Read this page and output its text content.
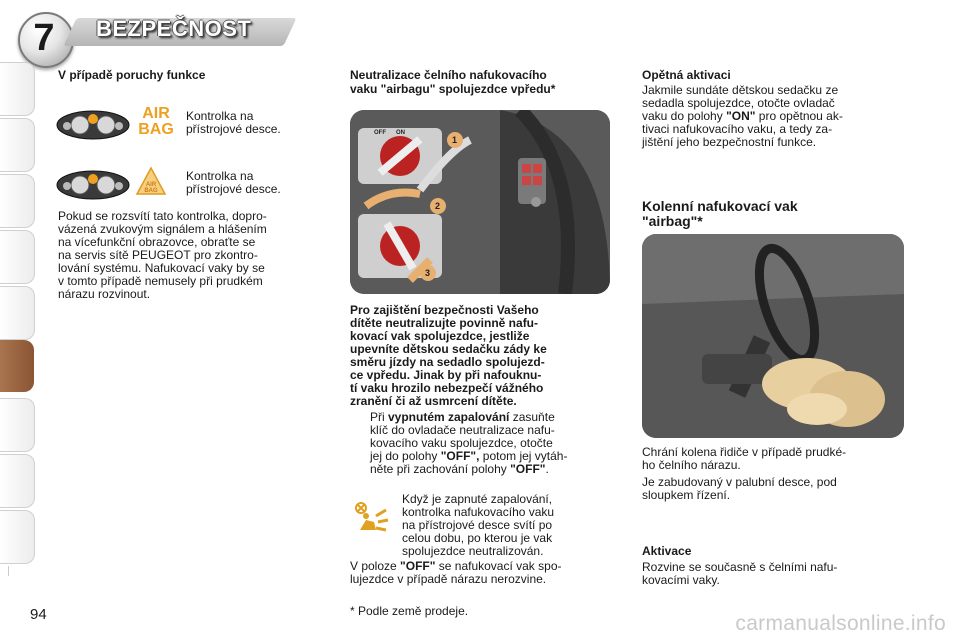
7	BEZPEČNOST
V případě poruchy funkce
AIR
BAG
Kontrolka na
přístrojové desce.
AIR
BAG
Kontrolka na
přístrojové desce.
Pokud se rozsvítí tato kontrolka, dopro-
vázená zvukovým signálem a hlášením
na vícefunkční obrazovce, obraťte se
na servis sítě PEUGEOT pro zkontro-
lování systému. Nafukovací vaky by se
v tomto případě nemusely při prudkém
nárazu rozvinout.
Neutralizace čelního nafukovacího
vaku "airbagu" spolujezdce vpředu*
OFF ON
1
2
3
Pro zajištění bezpečnosti Vašeho
dítěte neutralizujte povinně nafu-
kovací vak spolujezdce, jestliže
upevníte dětskou sedačku zády ke
směru jízdy na sedadlo spolujezd-
ce vpředu. Jinak by při nafouknu-
tí vaku hrozilo nebezpečí vážného
zranění či až usmrcení dítěte.
Při vypnutém zapalování zasuňte
klíč do ovladače neutralizace nafu-
kovacího vaku spolujezdce, otočte
jej do polohy "OFF", potom jej vytáh-
něte při zachování polohy "OFF".
Když je zapnuté zapalování,
kontrolka nafukovacího vaku
na přístrojové desce svítí po
celou dobu, po kterou je vak
spolujezdce neutralizován.
V poloze "OFF" se nafukovací vak spo-
lujezdce v případě nárazu nerozvine.
* Podle země prodeje.
Opětná aktivaci
Jakmile sundáte dětskou sedačku ze
sedadla spolujezdce, otočte ovladač
vaku do polohy "ON" pro opětnou ak-
tivaci nafukovacího vaku, a tedy za-
jištění jeho bezpečnostní funkce.
Kolenní nafukovací vak
"airbag"*
Chrání kolena řidiče v případě prudké-
ho čelního nárazu.
Je zabudovaný v palubní desce, pod
sloupkem řízení.
Aktivace
Rozvine se současně s čelními nafu-
kovacími vaky.
94	carmanualsonline.info
